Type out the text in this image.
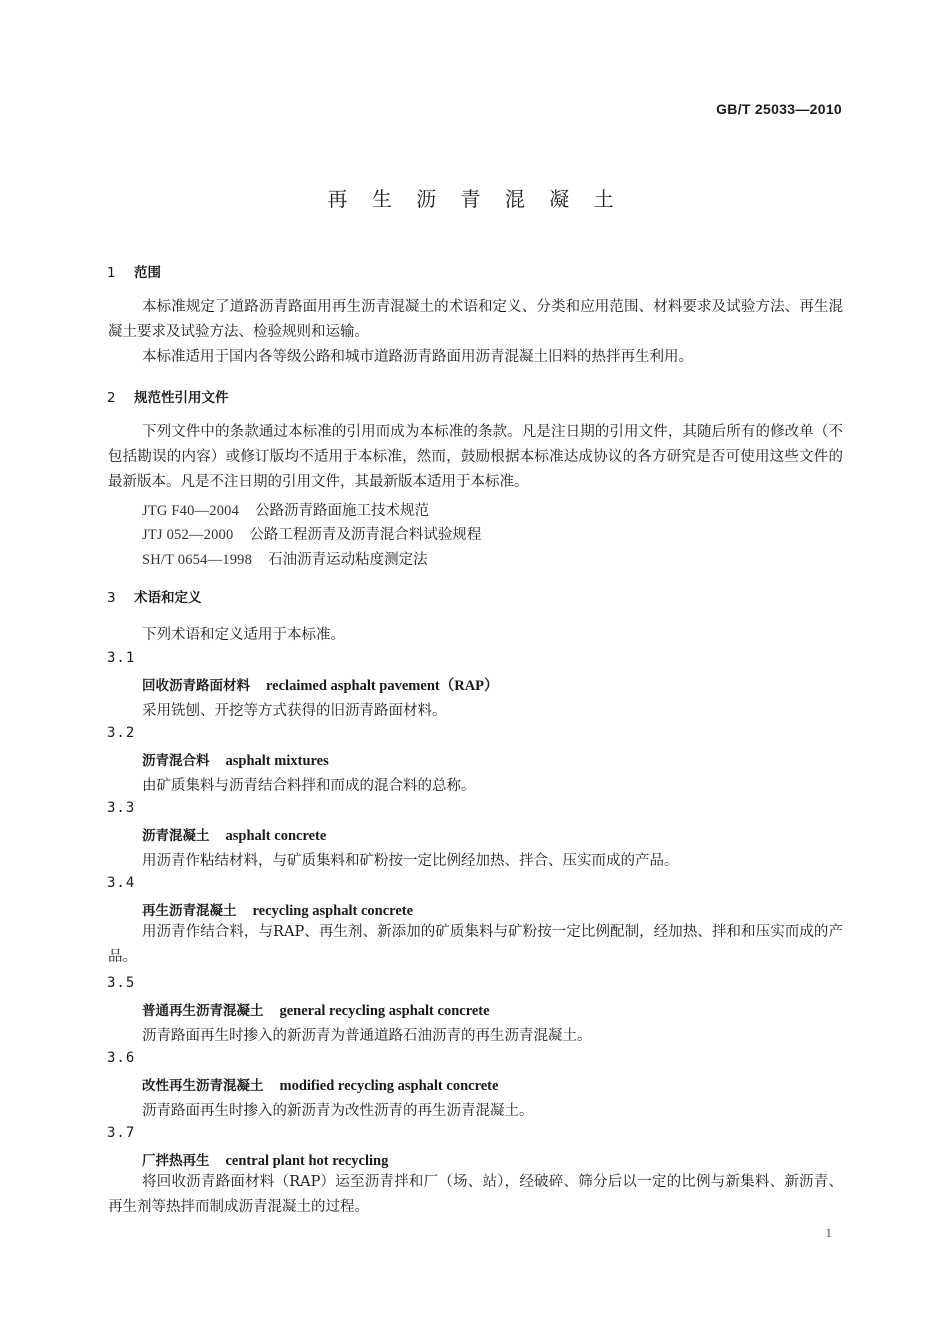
GB/T 25033—2010
再 生 沥 青 混 凝 土
1 范围
本标准规定了道路沥青路面用再生沥青混凝土的术语和定义、分类和应用范围、材料要求及试验方法、再生混凝土要求及试验方法、检验规则和运输。
本标准适用于国内各等级公路和城市道路沥青路面用沥青混凝土旧料的热拌再生利用。
2 规范性引用文件
下列文件中的条款通过本标准的引用而成为本标准的条款。凡是注日期的引用文件，其随后所有的修改单（不包括勘误的内容）或修订版均不适用于本标准，然而，鼓励根据本标准达成协议的各方研究是否可使用这些文件的最新版本。凡是不注日期的引用文件，其最新版本适用于本标准。
JTG F40—2004 公路沥青路面施工技术规范
JTJ 052—2000 公路工程沥青及沥青混合料试验规程
SH/T 0654—1998 石油沥青运动粘度测定法
3 术语和定义
下列术语和定义适用于本标准。
3.1
回收沥青路面材料 reclaimed asphalt pavement（RAP）
采用铣刨、开挖等方式获得的旧沥青路面材料。
3.2
沥青混合料 asphalt mixtures
由矿质集料与沥青结合料拌和而成的混合料的总称。
3.3
沥青混凝土 asphalt concrete
用沥青作粘结材料，与矿质集料和矿粉按一定比例经加热、拌合、压实而成的产品。
3.4
再生沥青混凝土 recycling asphalt concrete
用沥青作结合料，与RAP、再生剂、新添加的矿质集料与矿粉按一定比例配制，经加热、拌和和压实而成的产品。
3.5
普通再生沥青混凝土 general recycling asphalt concrete
沥青路面再生时掺入的新沥青为普通道路石油沥青的再生沥青混凝土。
3.6
改性再生沥青混凝土 modified recycling asphalt concrete
沥青路面再生时掺入的新沥青为改性沥青的再生沥青混凝土。
3.7
厂拌热再生 central plant hot recycling
将回收沥青路面材料（RAP）运至沥青拌和厂（场、站），经破碎、筛分后以一定的比例与新集料、新沥青、再生剂等热拌而制成沥青混凝土的过程。
1
